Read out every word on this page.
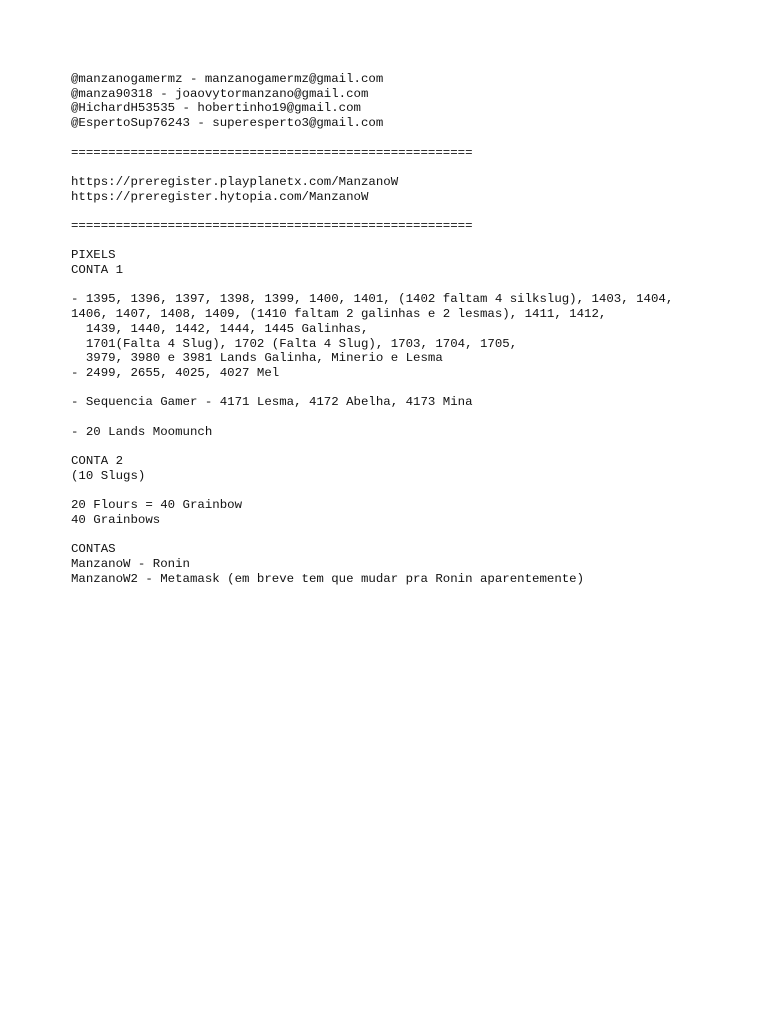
@manzanogamermz - manzanogamermz@gmail.com
@manza90318 - joaovytormanzano@gmail.com
@HichardH53535 - hobertinho19@gmail.com
@EspertoSup76243 - superesperto3@gmail.com
======================================================
https://preregister.playplanetx.com/ManzanoW
https://preregister.hytopia.com/ManzanoW
======================================================
PIXELS
CONTA 1
- 1395, 1396, 1397, 1398, 1399, 1400, 1401, (1402 faltam 4 silkslug), 1403, 1404,
1406, 1407, 1408, 1409, (1410 faltam 2 galinhas e 2 lesmas), 1411, 1412,
1439, 1440, 1442, 1444, 1445 Galinhas,
1701(Falta 4 Slug), 1702 (Falta 4 Slug), 1703, 1704, 1705,
3979, 3980 e 3981 Lands Galinha, Minerio e Lesma
- 2499, 2655, 4025, 4027 Mel
- Sequencia Gamer - 4171 Lesma, 4172 Abelha, 4173 Mina
- 20 Lands Moomunch
CONTA 2
(10 Slugs)
20 Flours = 40 Grainbow
40 Grainbows
CONTAS
ManzanoW - Ronin
ManzanoW2 - Metamask (em breve tem que mudar pra Ronin aparentemente)
